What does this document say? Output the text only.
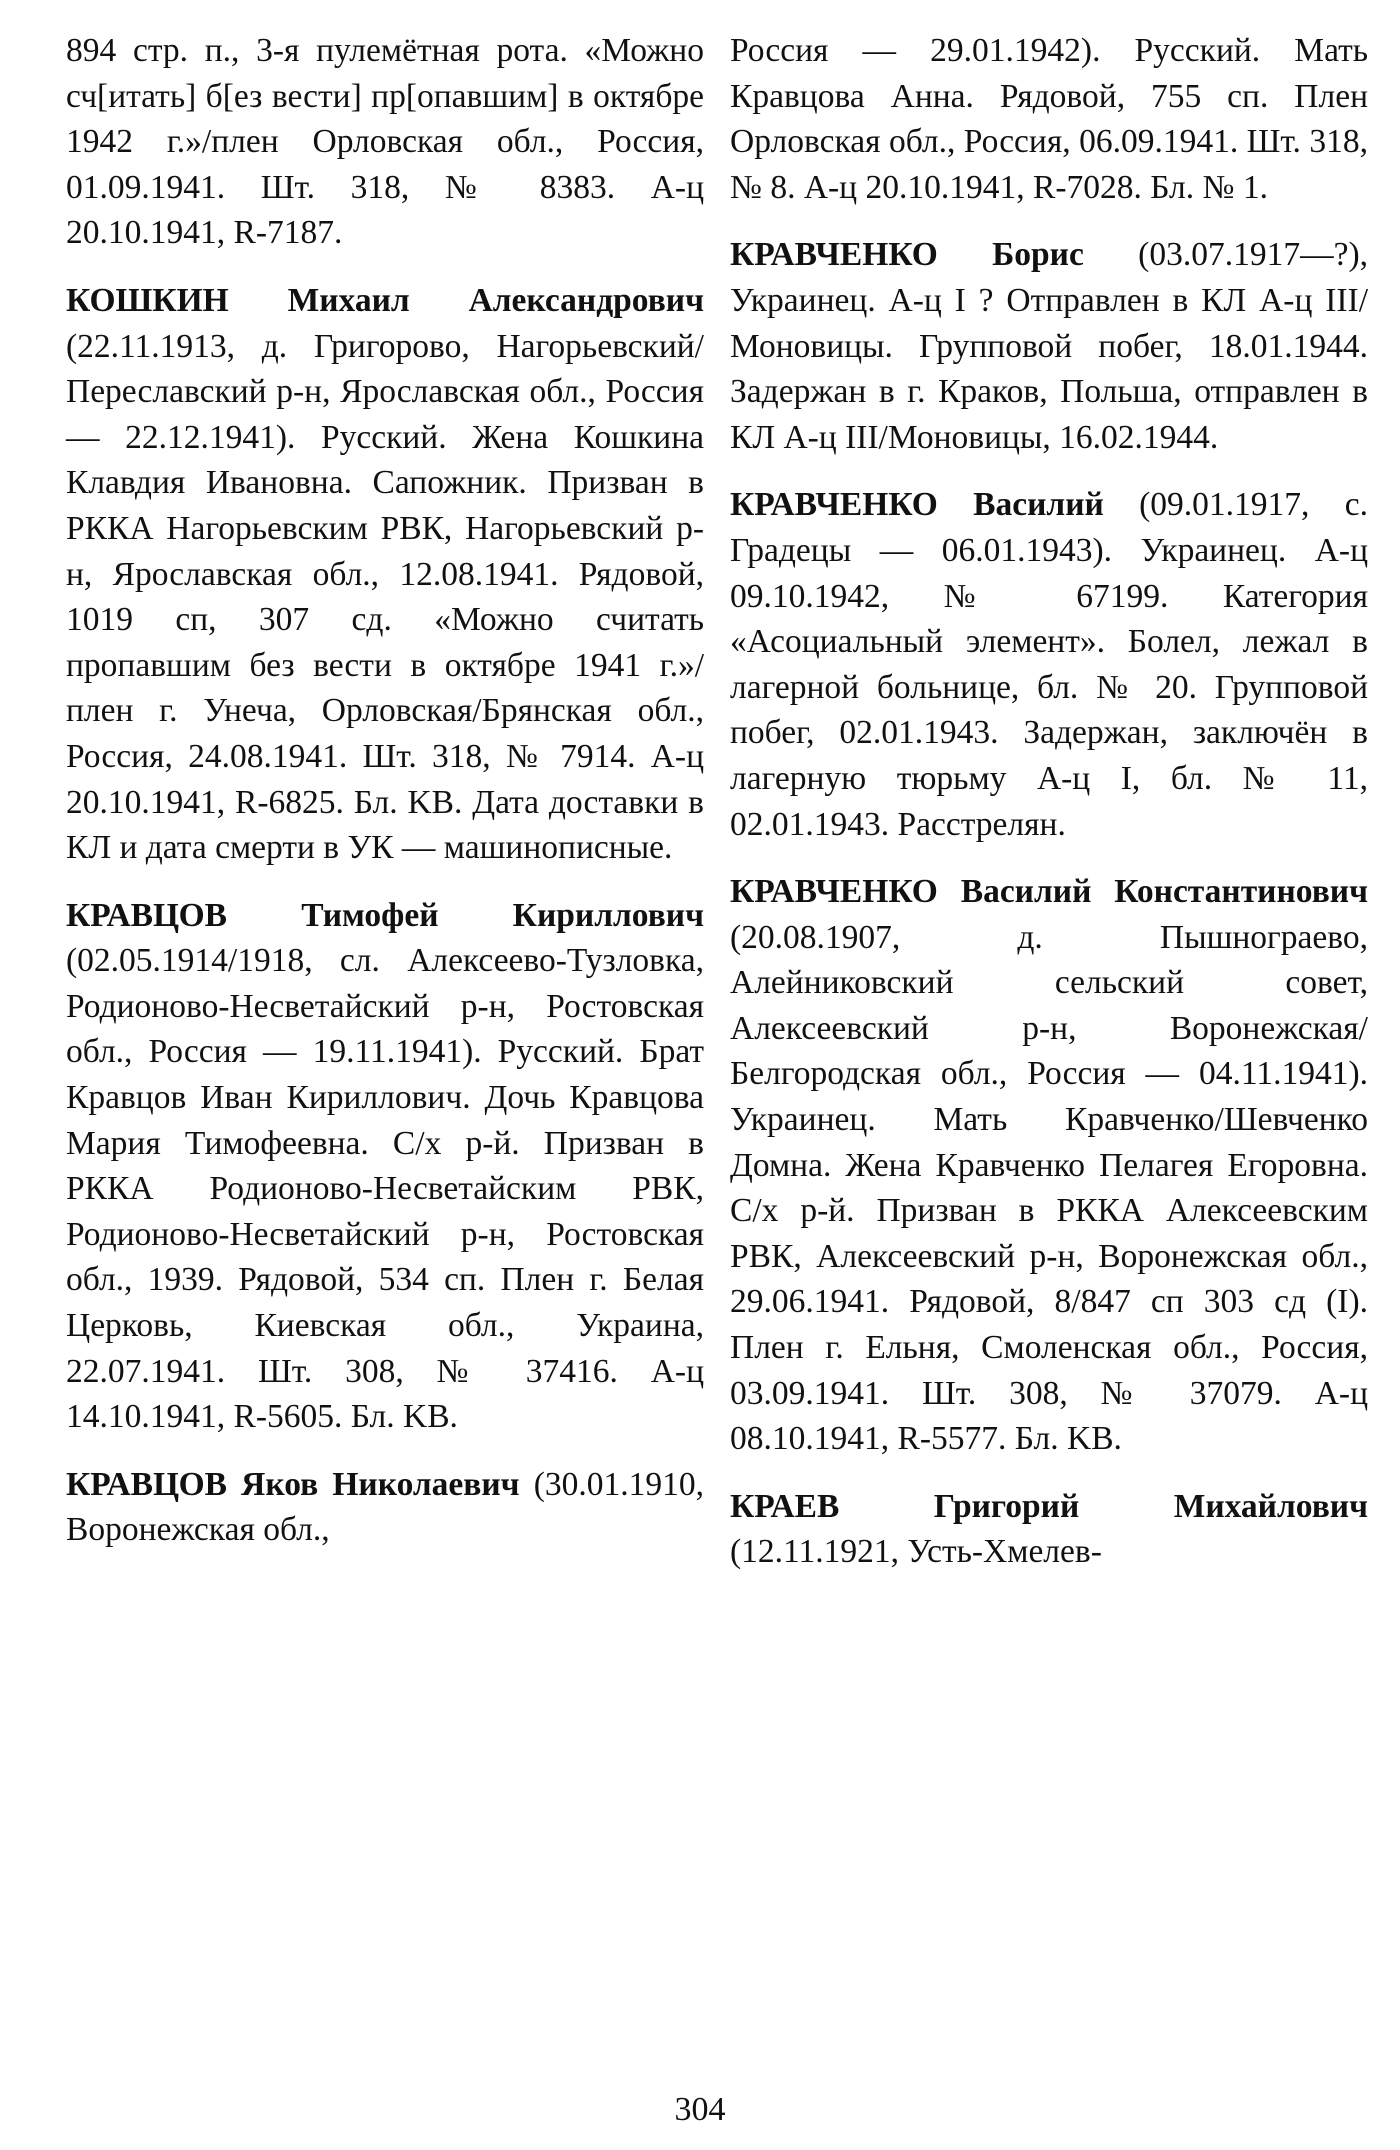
894 стр. п., 3-я пулемётная рота. «Можно сч[итать] б[ез вести] пр[опавшим] в октябре 1942 г.»/плен Орловская обл., Россия, 01.09.1941. Шт. 318, № 8383. А-ц 20.10.1941, R-7187.

КОШКИН Михаил Александрович (22.11.1913, д. Григорово, Нагорьевский/Переславский р-н, Ярославская обл., Россия — 22.12.1941). Русский. Жена Кошкина Клавдия Ивановна. Сапожник. Призван в РККА Нагорьевским РВК, Нагорьевский р-н, Ярославская обл., 12.08.1941. Рядовой, 1019 сп, 307 сд. «Можно считать пропавшим без вести в октябре 1941 г.»/плен г. Унеча, Орловская/Брянская обл., Россия, 24.08.1941. Шт. 318, № 7914. А-ц 20.10.1941, R-6825. Бл. KB. Дата доставки в КЛ и дата смерти в УК — машинописные.

КРАВЦОВ Тимофей Кириллович (02.05.1914/1918, сл. Алексеево-Тузловка, Родионово-Несветайский р-н, Ростовская обл., Россия — 19.11.1941). Русский. Брат Кравцов Иван Кириллович. Дочь Кравцова Мария Тимофеевна. С/х р-й. Призван в РККА Родионово-Несветайским РВК, Родионово-Несветайский р-н, Ростовская обл., 1939. Рядовой, 534 сп. Плен г. Белая Церковь, Киевская обл., Украина, 22.07.1941. Шт. 308, № 37416. А-ц 14.10.1941, R-5605. Бл. KB.

КРАВЦОВ Яков Николаевич (30.01.1910, Воронежская обл.,

Россия — 29.01.1942). Русский. Мать Кравцова Анна. Рядовой, 755 сп. Плен Орловская обл., Россия, 06.09.1941. Шт. 318, № 8. А-ц 20.10.1941, R-7028. Бл. № 1.

КРАВЧЕНКО Борис (03.07.1917—?), Украинец. А-ц I ? Отправлен в КЛ А-ц III/Моновицы. Групповой побег, 18.01.1944. Задержан в г. Краков, Польша, отправлен в КЛ А-ц III/Моновицы, 16.02.1944.

КРАВЧЕНКО Василий (09.01.1917, с. Градецы — 06.01.1943). Украинец. А-ц 09.10.1942, № 67199. Категория «Асоциальный элемент». Болел, лежал в лагерной больнице, бл. № 20. Групповой побег, 02.01.1943. Задержан, заключён в лагерную тюрьму А-ц I, бл. № 11, 02.01.1943. Расстрелян.

КРАВЧЕНКО Василий Константинович (20.08.1907, д. Пышнограево, Алейниковский сельский совет, Алексеевский р-н, Воронежская/Белгородская обл., Россия — 04.11.1941). Украинец. Мать Кравченко/Шевченко Домна. Жена Кравченко Пелагея Егоровна. С/х р-й. Призван в РККА Алексеевским РВК, Алексеевский р-н, Воронежская обл., 29.06.1941. Рядовой, 8/847 сп 303 сд (I). Плен г. Ельня, Смоленская обл., Россия, 03.09.1941. Шт. 308, № 37079. А-ц 08.10.1941, R-5577. Бл. KB.

КРАЕВ Григорий Михайлович (12.11.1921, Усть-Хмелев-

304
